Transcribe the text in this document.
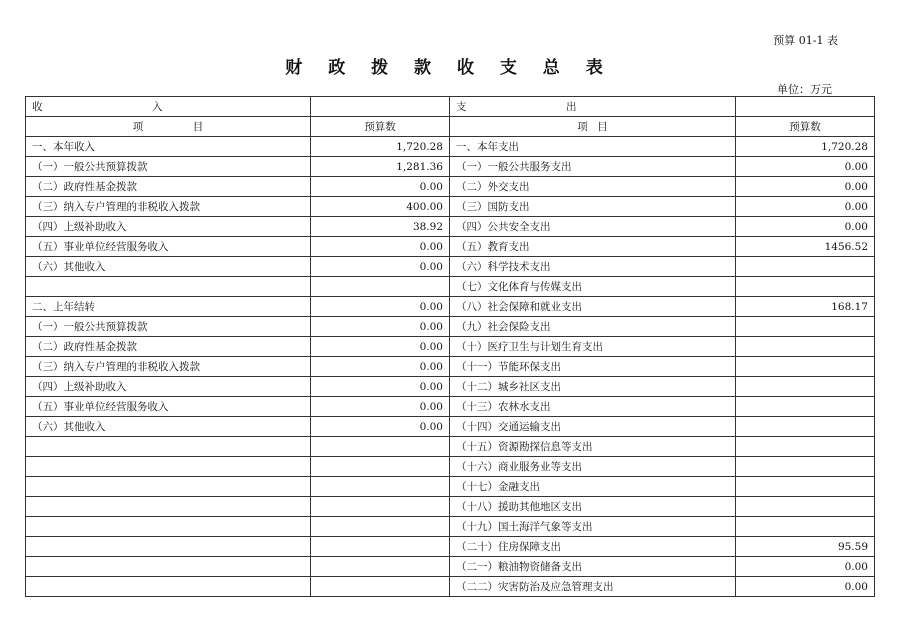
预算 01-1 表
财 政 拨 款 收 支 总 表
单位：万元
收 入		支 出	
项 目	预算数	项 目	预算数
一、本年收入	1,720.28	一、本年支出	1,720.28
（一）一般公共预算拨款	1,281.36	（一）一般公共服务支出	0.00
（二）政府性基金拨款	0.00	（二）外交支出	0.00
（三）纳入专户管理的非税收入拨款	400.00	（三）国防支出	0.00
（四）上级补助收入	38.92	（四）公共安全支出	0.00
（五）事业单位经营服务收入	0.00	（五）教育支出	1456.52
（六）其他收入	0.00	（六）科学技术支出	
		（七）文化体育与传媒支出	
二、上年结转	0.00	（八）社会保障和就业支出	168.17
（一）一般公共预算拨款	0.00	（九）社会保险支出	
（二）政府性基金拨款	0.00	（十）医疗卫生与计划生育支出	
（三）纳入专户管理的非税收入拨款	0.00	（十一）节能环保支出	
（四）上级补助收入	0.00	（十二）城乡社区支出	
（五）事业单位经营服务收入	0.00	（十三）农林水支出	
（六）其他收入	0.00	（十四）交通运输支出	
		（十五）资源勘探信息等支出	
		（十六）商业服务业等支出	
		（十七）金融支出	
		（十八）援助其他地区支出	
		（十九）国土海洋气象等支出	
		（二十）住房保障支出	95.59
		（二一）粮油物资储备支出	0.00
		（二二）灾害防治及应急管理支出	0.00
